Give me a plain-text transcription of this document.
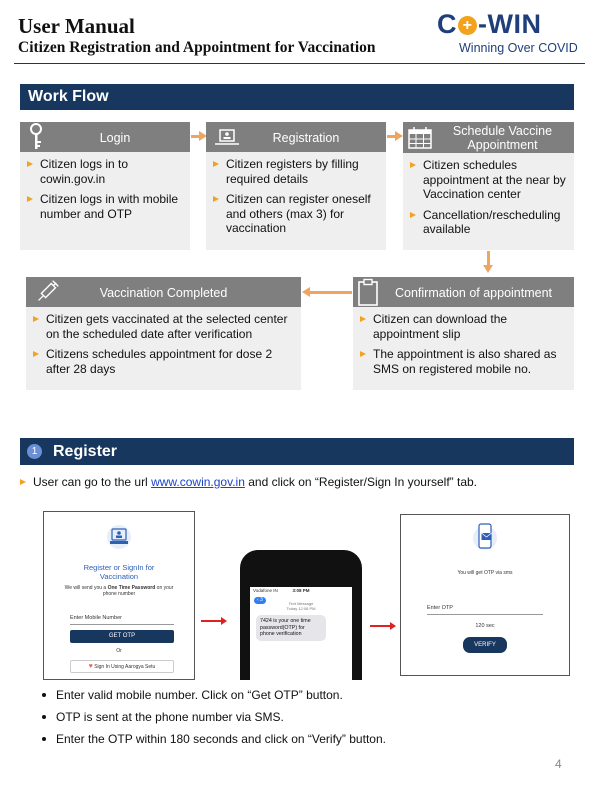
User Manual
Citizen Registration and Appointment for Vaccination
C + -WIN
Winning Over COVID
Work Flow
Login
Citizen logs in to cowin.gov.in
Citizen logs in with mobile number and OTP
Registration
Citizen registers by filling required details
Citizen can register oneself and others (max 3) for vaccination
Schedule Vaccine
Appointment
Citizen schedules appointment at the near by Vaccination center
Cancellation/rescheduling available
Confirmation of appointment
Citizen can download the appointment slip
The appointment is also shared as SMS on registered mobile no.
Vaccination Completed
Citizen gets vaccinated at the selected center on the scheduled date after verification
Citizens schedules appointment for dose 2 after 28 days
1 Register
User can go to the url www.cowin.gov.in and click on “Register/Sign In yourself” tab.
Register or SignIn for
Vaccination
We will send you a One Time Password on your phone number
Enter Mobile Number
GET OTP
Or
♥ Sign In Using Aarogya Setu
Vodafone IN	3:08 PM
‹ 3
Text Message
Today 12:08 PM
7424 is your one time
password(OTP) for
phone verification
You will get OTP via sms
Enter OTP
120 sec
VERIFY
Enter valid mobile number. Click on “Get OTP” button.
OTP is sent at the phone number via SMS.
Enter the OTP within 180 seconds and click on “Verify” button.
4
